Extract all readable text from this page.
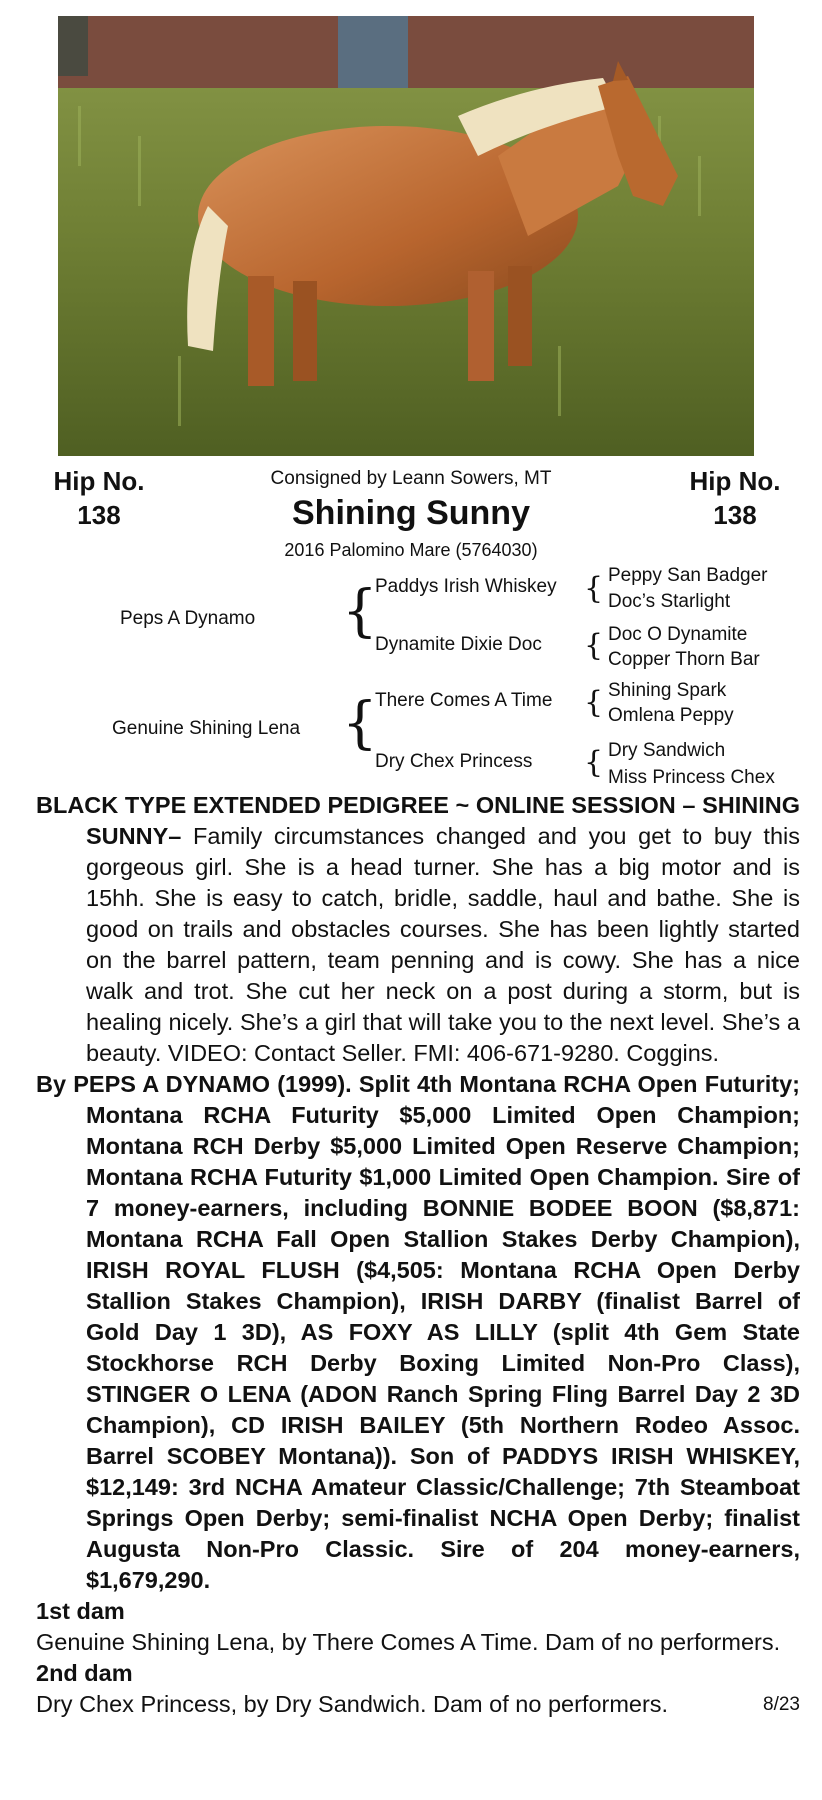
Hip No.
138
Hip No.
138
Consigned by Leann Sowers, MT
Shining Sunny
2016 Palomino Mare (5764030)
Peps A Dynamo {
Paddys Irish Whiskey
Dynamite Dixie Doc
{ Peppy San Badger
Doc’s Starlight
{ Doc O Dynamite
Copper Thorn Bar
Genuine Shining Lena {
There Comes A Time
Dry Chex Princess
{ Shining Spark
Omlena Peppy
{ Dry Sandwich
Miss Princess Chex

BLACK TYPE EXTENDED PEDIGREE ~ ONLINE SESSION – SHINING SUNNY– Family circumstances changed and you get to buy this gorgeous girl. She is a head turner. She has a big motor and is 15hh. She is easy to catch, bridle, saddle, haul and bathe. She is good on trails and obstacles courses. She has been lightly started on the barrel pattern, team penning and is cowy. She has a nice walk and trot. She cut her neck on a post during a storm, but is healing nicely. She’s a girl that will take you to the next level. She’s a beauty. VIDEO: Contact Seller. FMI: 406-671-9280. Coggins.

By PEPS A DYNAMO (1999). Split 4th Montana RCHA Open Futurity; Montana RCHA Futurity $5,000 Limited Open Champion; Montana RCH Derby $5,000 Limited Open Reserve Champion; Montana RCHA Futurity $1,000 Limited Open Champion. Sire of 7 money-earners, including BONNIE BODEE BOON ($8,871: Montana RCHA Fall Open Stallion Stakes Derby Champion), IRISH ROYAL FLUSH ($4,505: Montana RCHA Open Derby Stallion Stakes Champion), IRISH DARBY (finalist Barrel of Gold Day 1 3D), AS FOXY AS LILLY (split 4th Gem State Stockhorse RCH Derby Boxing Limited Non-Pro Class), STINGER O LENA (ADON Ranch Spring Fling Barrel Day 2 3D Champion), CD IRISH BAILEY (5th Northern Rodeo Assoc. Barrel SCOBEY Montana)). Son of PADDYS IRISH WHISKEY, $12,149: 3rd NCHA Amateur Classic/Challenge; 7th Steamboat Springs Open Derby; semi-finalist NCHA Open Derby; finalist Augusta Non-Pro Classic. Sire of 204 money-earners, $1,679,290.

1st dam

Genuine Shining Lena, by There Comes A Time. Dam of no performers.

2nd dam

Dry Chex Princess, by Dry Sandwich. Dam of no performers.	8/23
